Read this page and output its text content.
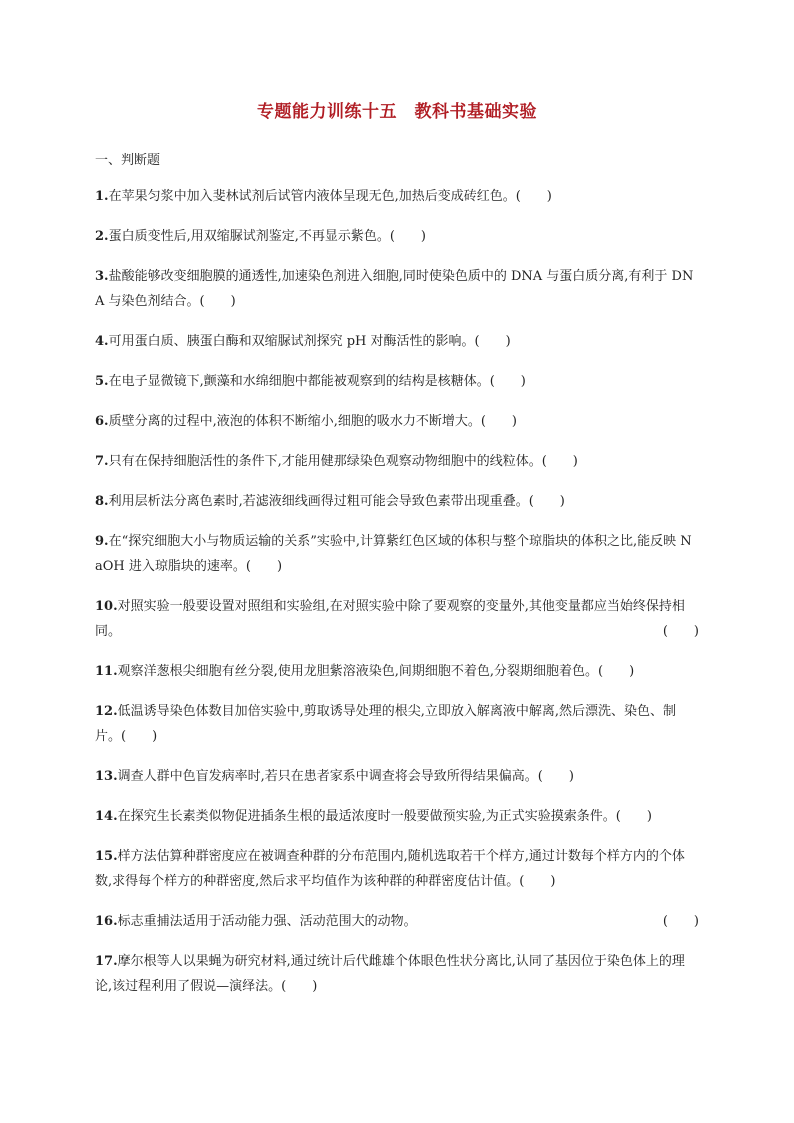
专题能力训练十五　教科书基础实验
一、判断题
1.在苹果匀浆中加入斐林试剂后试管内液体呈现无色,加热后变成砖红色。(　　)
2.蛋白质变性后,用双缩脲试剂鉴定,不再显示紫色。(　　)
3.盐酸能够改变细胞膜的通透性,加速染色剂进入细胞,同时使染色质中的 DNA 与蛋白质分离,有利于 DNA 与染色剂结合。(　　)
4.可用蛋白质、胰蛋白酶和双缩脲试剂探究 pH 对酶活性的影响。(　　)
5.在电子显微镜下,颤藻和水绵细胞中都能被观察到的结构是核糖体。(　　)
6.质壁分离的过程中,液泡的体积不断缩小,细胞的吸水力不断增大。(　　)
7.只有在保持细胞活性的条件下,才能用健那绿染色观察动物细胞中的线粒体。(　　)
8.利用层析法分离色素时,若滤液细线画得过粗可能会导致色素带出现重叠。(　　)
9.在“探究细胞大小与物质运输的关系”实验中,计算紫红色区域的体积与整个琼脂块的体积之比,能反映 NaOH 进入琼脂块的速率。(　　)
10.对照实验一般要设置对照组和实验组,在对照实验中除了要观察的变量外,其他变量都应当始终保持相同。	(　　)
11.观察洋葱根尖细胞有丝分裂,使用龙胆紫溶液染色,间期细胞不着色,分裂期细胞着色。(　　)
12.低温诱导染色体数目加倍实验中,剪取诱导处理的根尖,立即放入解离液中解离,然后漂洗、染色、制片。(　　)
13.调查人群中色盲发病率时,若只在患者家系中调查将会导致所得结果偏高。(　　)
14.在探究生长素类似物促进插条生根的最适浓度时一般要做预实验,为正式实验摸索条件。(　　)
15.样方法估算种群密度应在被调查种群的分布范围内,随机选取若干个样方,通过计数每个样方内的个体数,求得每个样方的种群密度,然后求平均值作为该种群的种群密度估计值。(　　)
16.标志重捕法适用于活动能力强、活动范围大的动物。	(　　)
17.摩尔根等人以果蝇为研究材料,通过统计后代雌雄个体眼色性状分离比,认同了基因位于染色体上的理论,该过程利用了假说—演绎法。(　　)
